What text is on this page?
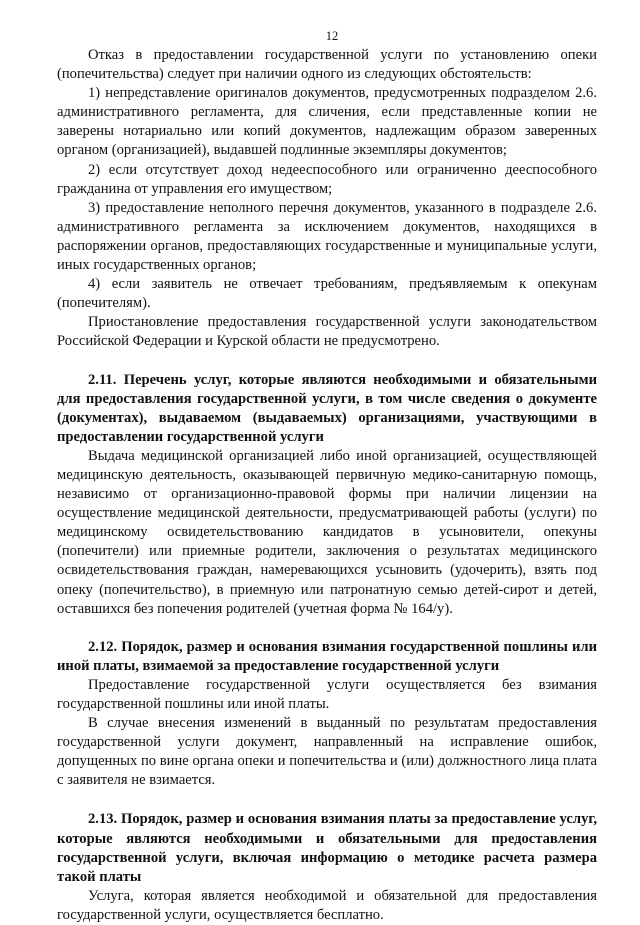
12

Отказ в предоставлении государственной услуги по установлению опеки (попечительства) следует при наличии одного из следующих обстоятельств:

1) непредставление оригиналов документов, предусмотренных подразделом 2.6. административного регламента, для сличения, если представленные копии не заверены нотариально или копий документов, надлежащим образом заверенных органом (организацией), выдавшей подлинные экземпляры документов;

2) если отсутствует доход недееспособного или ограниченно дееспособного гражданина от управления его имуществом;

3) предоставление неполного перечня документов, указанного в подразделе 2.6. административного регламента за исключением документов, находящихся в распоряжении органов, предоставляющих государственные и муниципальные услуги, иных государственных органов;

4) если заявитель не отвечает требованиям, предъявляемым к опекунам (попечителям).

Приостановление предоставления государственной услуги законодательством Российской Федерации и Курской области не предусмотрено.

2.11. Перечень услуг, которые являются необходимыми и обязательными для предоставления государственной услуги, в том числе сведения о документе (документах), выдаваемом (выдаваемых) организациями, участвующими в предоставлении государственной услуги

Выдача медицинской организацией либо иной организацией, осуществляющей медицинскую деятельность, оказывающей первичную медико-санитарную помощь, независимо от организационно-правовой формы при наличии лицензии на осуществление медицинской деятельности, предусматривающей работы (услуги) по медицинскому освидетельствованию кандидатов в усыновители, опекуны (попечители) или приемные родители, заключения о результатах медицинского освидетельствования граждан, намеревающихся усыновить (удочерить), взять под опеку (попечительство), в приемную или патронатную семью детей-сирот и детей, оставшихся без попечения родителей (учетная форма № 164/у).

2.12. Порядок, размер и основания взимания государственной пошлины или иной платы, взимаемой за предоставление государственной услуги

Предоставление государственной услуги осуществляется без взимания государственной пошлины или иной платы.

В случае внесения изменений в выданный по результатам предоставления государственной услуги документ, направленный на исправление ошибок, допущенных по вине органа опеки и попечительства и (или) должностного лица плата с заявителя не взимается.

2.13. Порядок, размер и основания взимания платы за предоставление услуг, которые являются необходимыми и обязательными для предоставления государственной услуги, включая информацию о методике расчета размера такой платы

Услуга, которая является необходимой и обязательной для предоставления государственной услуги, осуществляется бесплатно.
